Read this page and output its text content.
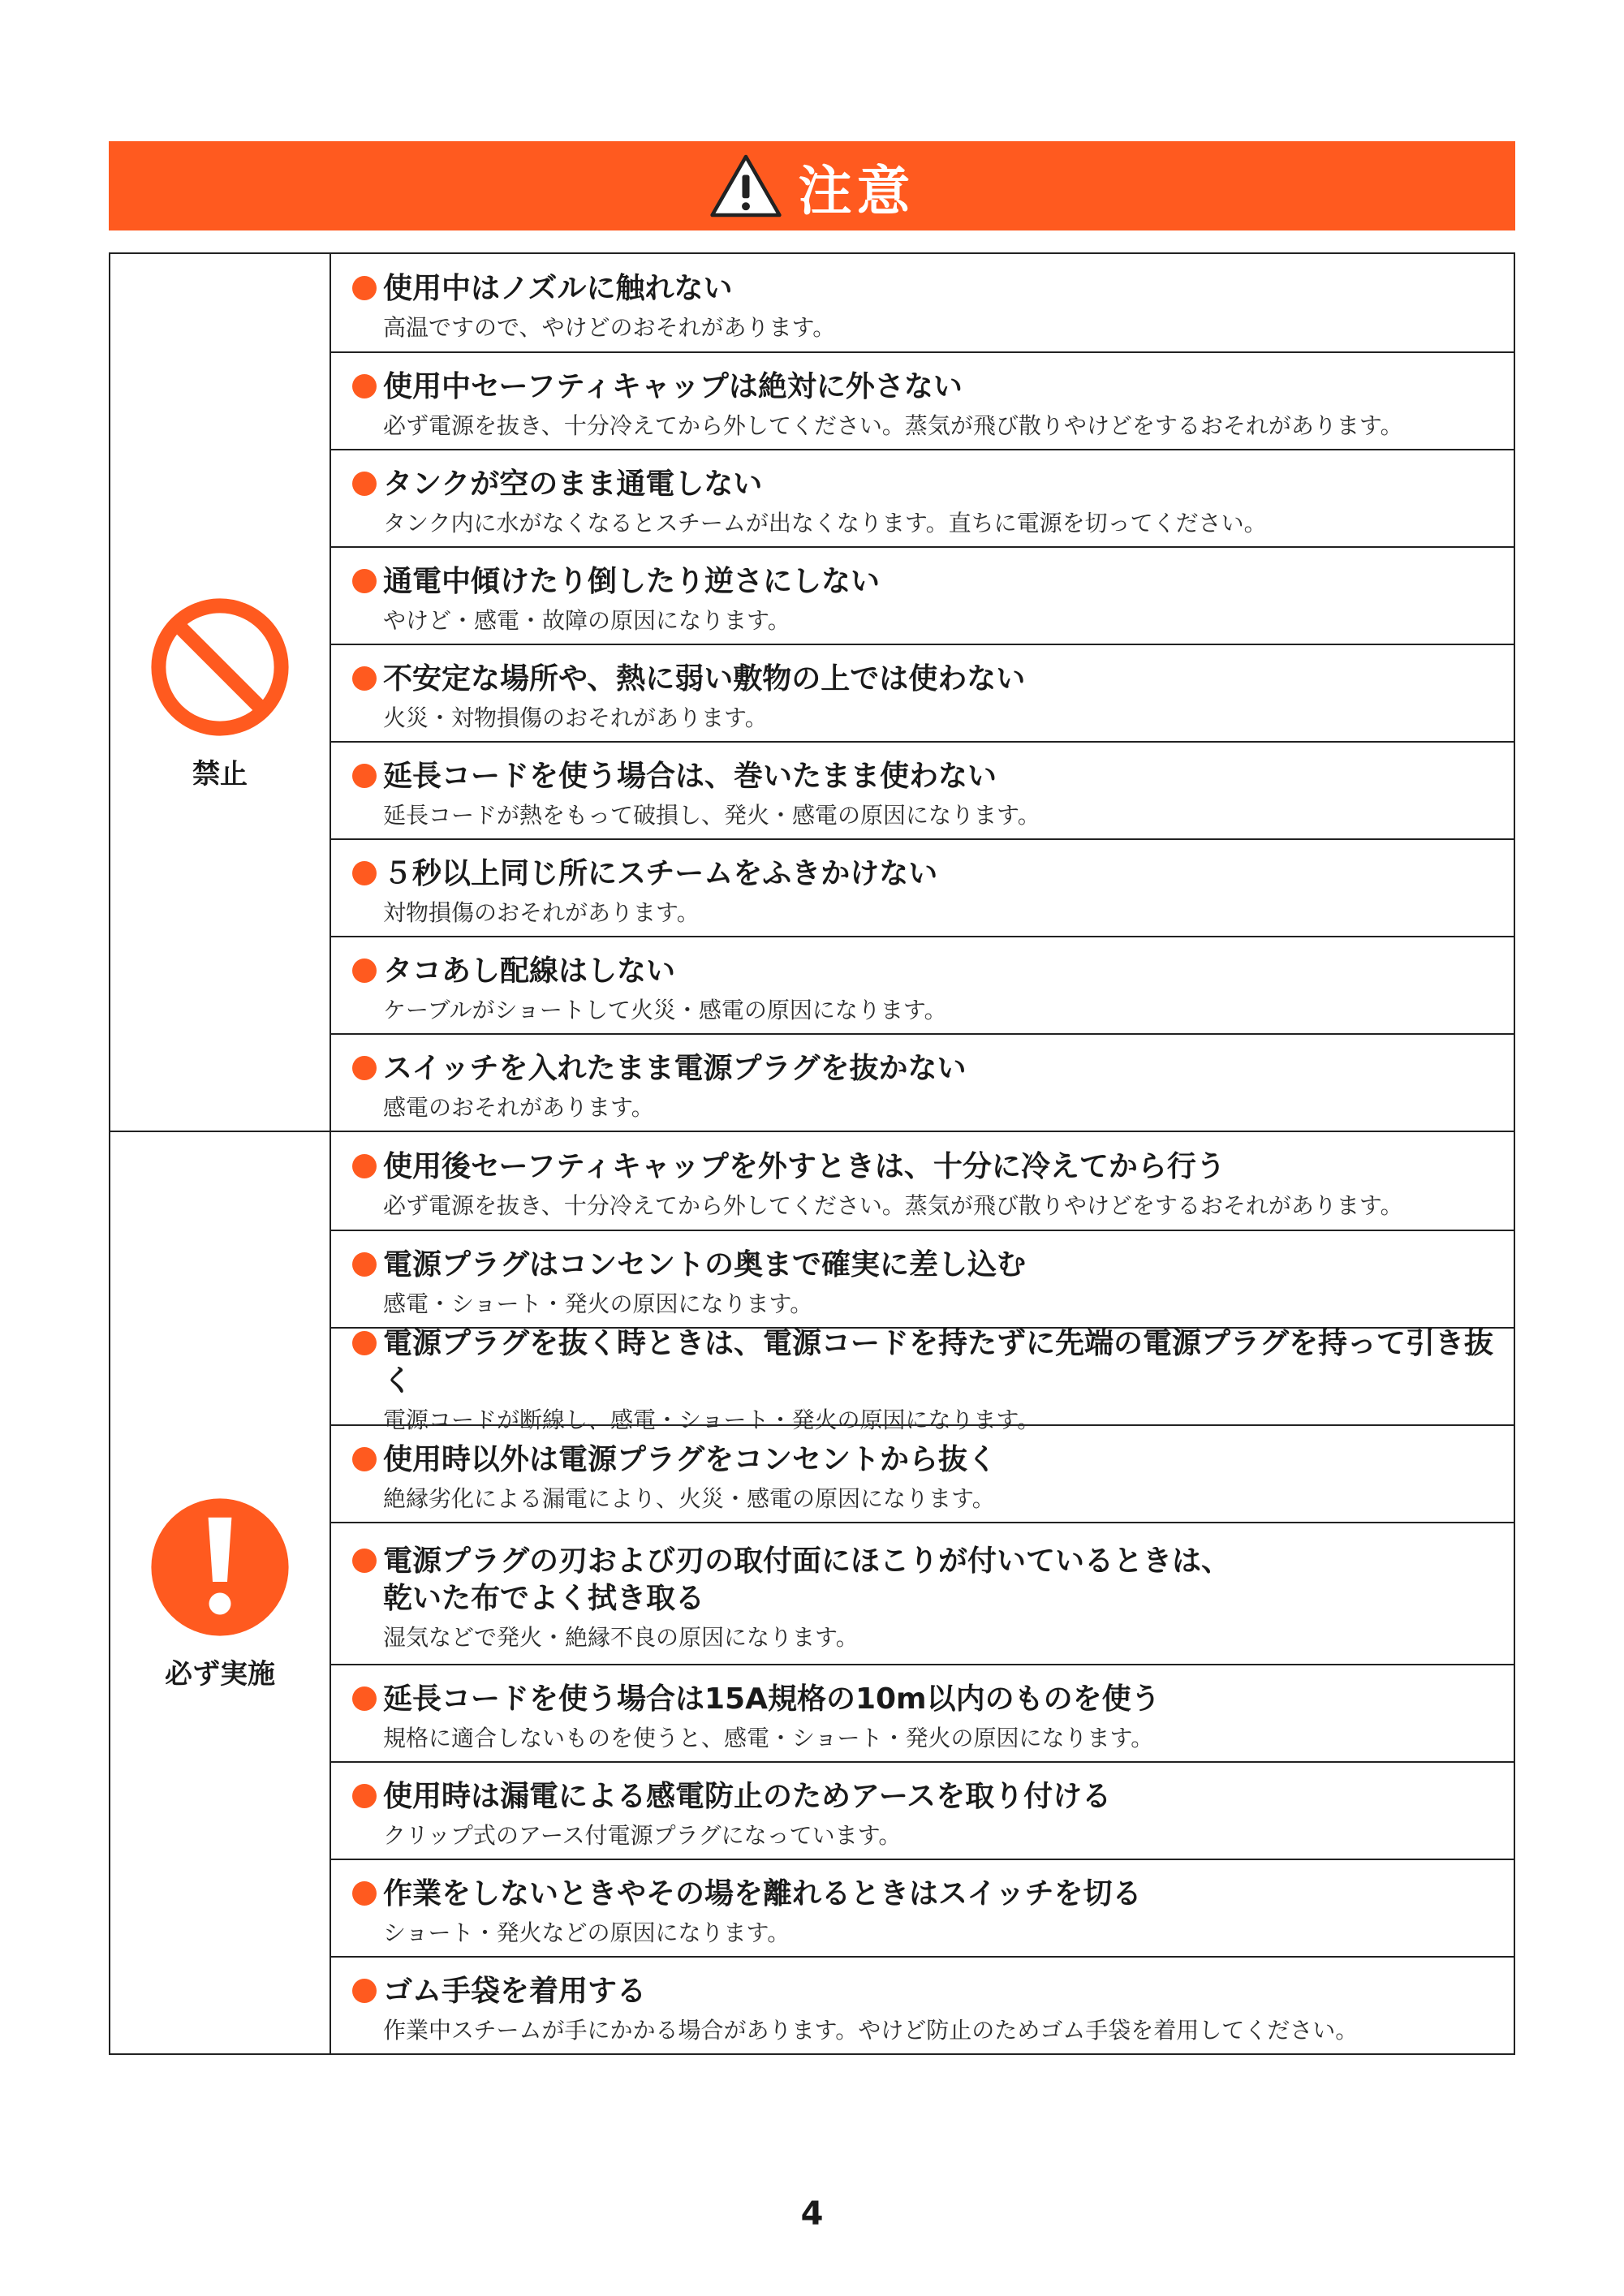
注意
禁止
使用中はノズルに触れない
高温ですので、やけどのおそれがあります。
使用中セーフティキャップは絶対に外さない
必ず電源を抜き、十分冷えてから外してください。蒸気が飛び散りやけどをするおそれがあります。
タンクが空のまま通電しない
タンク内に水がなくなるとスチームが出なくなります。直ちに電源を切ってください。
通電中傾けたり倒したり逆さにしない
やけど・感電・故障の原因になります。
不安定な場所や、熱に弱い敷物の上では使わない
火災・対物損傷のおそれがあります。
延長コードを使う場合は、巻いたまま使わない
延長コードが熱をもって破損し、発火・感電の原因になります。
５秒以上同じ所にスチームをふきかけない
対物損傷のおそれがあります。
タコあし配線はしない
ケーブルがショートして火災・感電の原因になります。
スイッチを入れたまま電源プラグを抜かない
感電のおそれがあります。
必ず実施
使用後セーフティキャップを外すときは、十分に冷えてから行う
必ず電源を抜き、十分冷えてから外してください。蒸気が飛び散りやけどをするおそれがあります。
電源プラグはコンセントの奥まで確実に差し込む
感電・ショート・発火の原因になります。
電源プラグを抜く時ときは、電源コードを持たずに先端の電源プラグを持って引き抜く
電源コードが断線し、感電・ショート・発火の原因になります。
使用時以外は電源プラグをコンセントから抜く
絶縁劣化による漏電により、火災・感電の原因になります。
電源プラグの刃および刃の取付面にほこりが付いているときは、
乾いた布でよく拭き取る
湿気などで発火・絶縁不良の原因になります。
延長コードを使う場合は15A規格の10m以内のものを使う
規格に適合しないものを使うと、感電・ショート・発火の原因になります。
使用時は漏電による感電防止のためアースを取り付ける
クリップ式のアース付電源プラグになっています。
作業をしないときやその場を離れるときはスイッチを切る
ショート・発火などの原因になります。
ゴム手袋を着用する
作業中スチームが手にかかる場合があります。やけど防止のためゴム手袋を着用してください。
4
